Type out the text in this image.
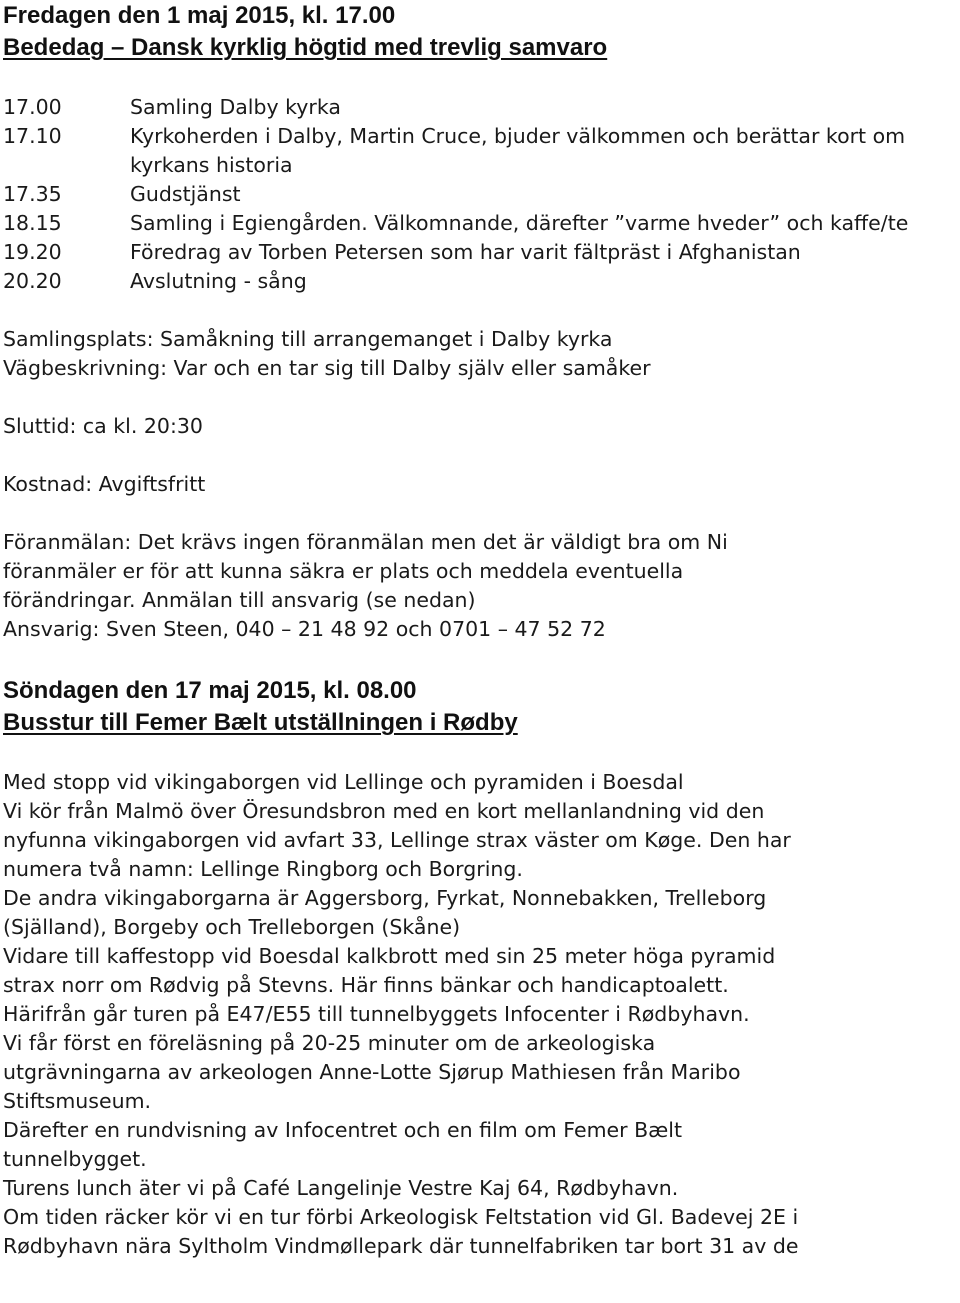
Fredagen den 1 maj 2015, kl. 17.00

Bededag – Dansk kyrklig högtid med trevlig samvaro

17.00	Samling Dalby kyrka
17.10	Kyrkoherden i Dalby, Martin Cruce, bjuder välkommen och berättar kort om kyrkans historia
17.35	Gudstjänst
18.15	Samling i Egiengården. Välkomnande, därefter ”varme hveder” och kaffe/te
19.20	Föredrag av Torben Petersen som har varit fältpräst i Afghanistan
20.20	Avslutning - sång

Samlingsplats: Samåkning till arrangemanget i Dalby kyrka

Vägbeskrivning: Var och en tar sig till Dalby själv eller samåker

Sluttid: ca kl. 20:30

Kostnad: Avgiftsfritt

Föranmälan: Det krävs ingen föranmälan men det är väldigt bra om Ni

föranmäler er för att kunna säkra er plats och meddela eventuella

förändringar. Anmälan till ansvarig (se nedan)

Ansvarig: Sven Steen, 040 – 21 48 92 och 0701 – 47 52 72

Söndagen den 17 maj 2015, kl. 08.00

Busstur till Femer Bælt utställningen i Rødby

Med stopp vid vikingaborgen vid Lellinge och pyramiden i Boesdal

Vi kör från Malmö över Öresundsbron med en kort mellanlandning vid den

nyfunna vikingaborgen vid avfart 33, Lellinge strax väster om Køge. Den har

numera två namn: Lellinge Ringborg och Borgring.

De andra vikingaborgarna är Aggersborg, Fyrkat, Nonnebakken, Trelleborg

(Själland), Borgeby och Trelleborgen (Skåne)

Vidare till kaffestopp vid Boesdal kalkbrott med sin 25 meter höga pyramid

strax norr om Rødvig på Stevns. Här finns bänkar och handicaptoalett.

Härifrån går turen på E47/E55 till tunnelbyggets Infocenter i Rødbyhavn.

Vi får först en föreläsning på 20-25 minuter om de arkeologiska

utgrävningarna av arkeologen Anne-Lotte Sjørup Mathiesen från Maribo

Stiftsmuseum.

Därefter en rundvisning av Infocentret och en film om Femer Bælt

tunnelbygget.

Turens lunch äter vi på Café Langelinje Vestre Kaj 64, Rødbyhavn.

Om tiden räcker kör vi en tur förbi Arkeologisk Feltstation vid Gl. Badevej 2E i

Rødbyhavn nära Syltholm Vindmøllepark där tunnelfabriken tar bort 31 av de
